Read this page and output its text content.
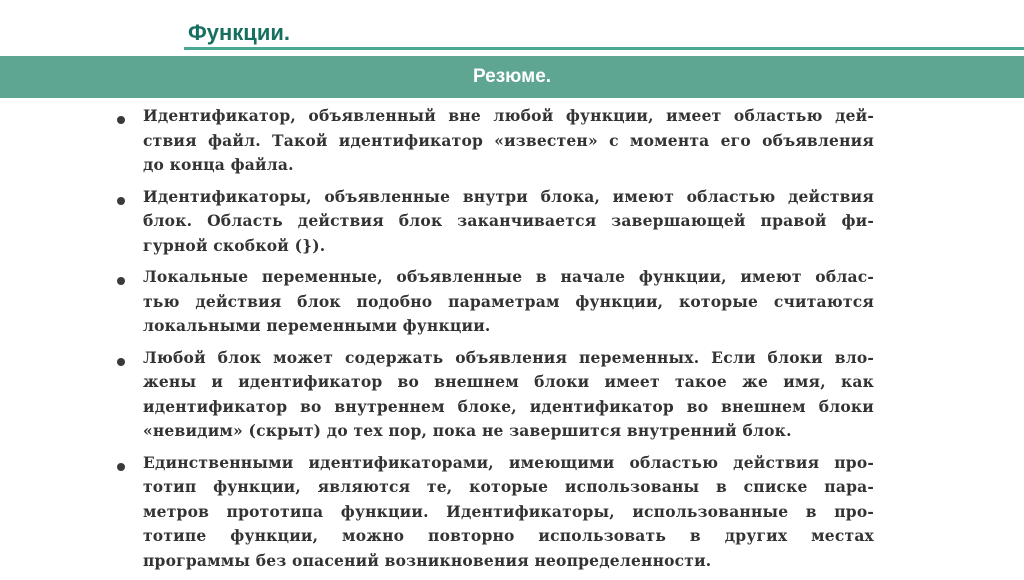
Функции.
Резюме.
Идентификатор, объявленный вне любой функции, имеет областью дей-
ствия файл. Такой идентификатор «известен» с момента его объявления
до конца файла.
Идентификаторы, объявленные внутри блока, имеют областью действия
блок. Область действия блок заканчивается завершающей правой фи-
гурной скобкой (}).
Локальные переменные, объявленные в начале функции, имеют облас-
тью действия блок подобно параметрам функции, которые считаются
локальными переменными функции.
Любой блок может содержать объявления переменных. Если блоки вло-
жены и идентификатор во внешнем блоки имеет такое же имя, как
идентификатор во внутреннем блоке, идентификатор во внешнем блоки
«невидим» (скрыт) до тех пор, пока не завершится внутренний блок.
Единственными идентификаторами, имеющими областью действия про-
тотип функции, являются те, которые использованы в списке пара-
метров прототипа функции. Идентификаторы, использованные в про-
тотипе функции, можно повторно использовать в других местах
программы без опасений возникновения неопределенности.
